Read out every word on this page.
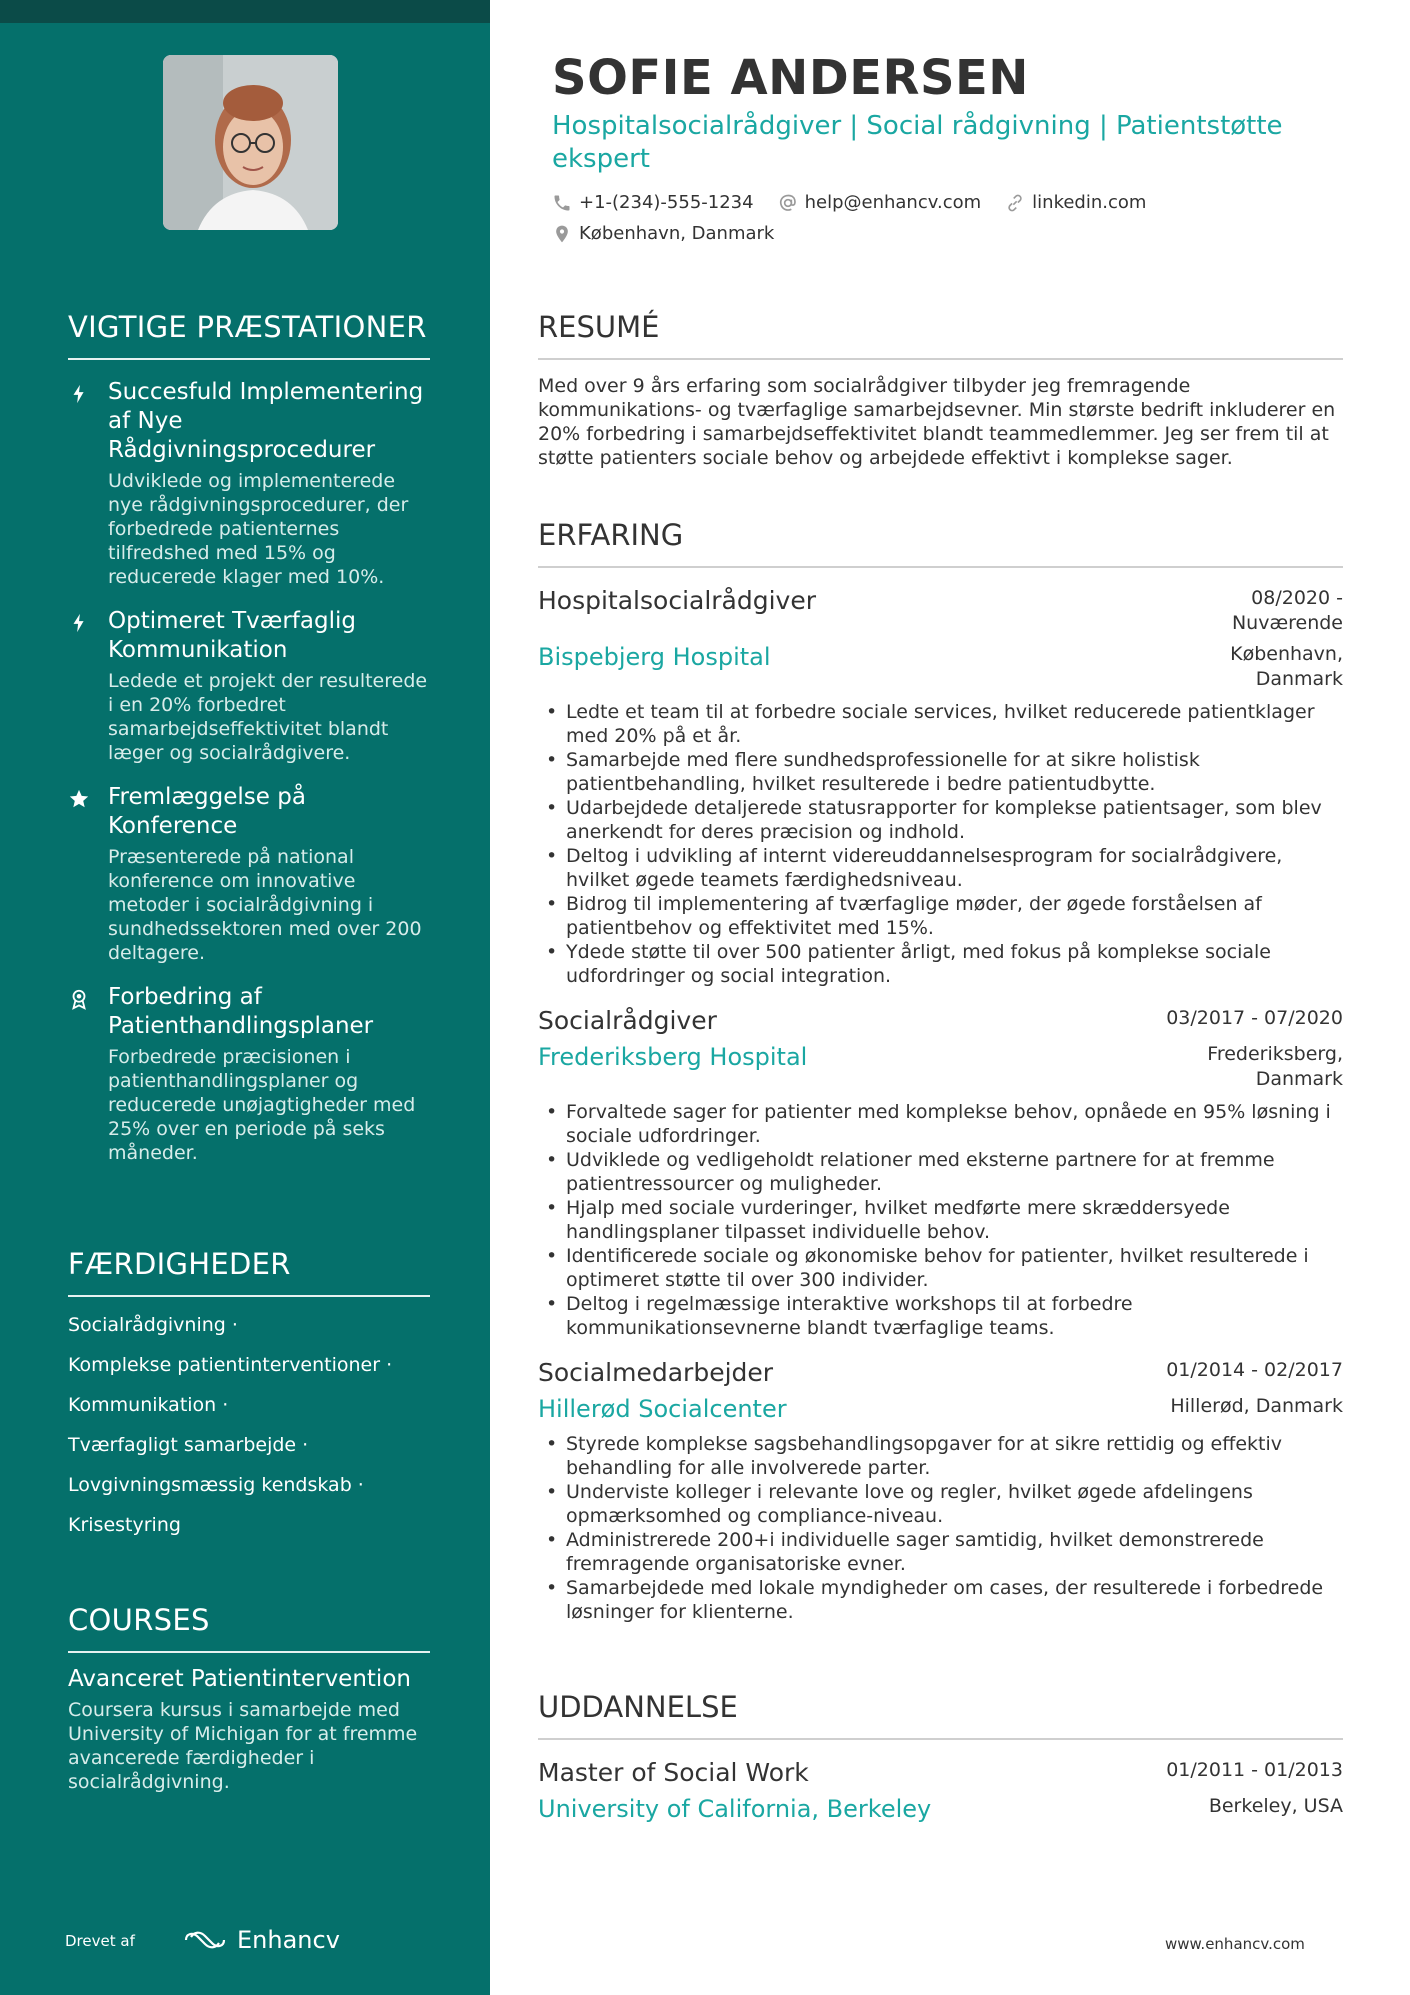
VIGTIGE PRÆSTATIONER
Succesfuld Implementering af Nye Rådgivningsprocedurer
Udviklede og implementerede nye rådgivningsprocedurer, der forbedrede patienternes tilfredshed med 15% og reducerede klager med 10%.
Optimeret Tværfaglig Kommunikation
Ledede et projekt der resulterede i en 20% forbedret samarbejdseffektivitet blandt læger og socialrådgivere.
Fremlæggelse på Konference
Præsenterede på national konference om innovative metoder i socialrådgivning i sundhedssektoren med over 200 deltagere.
Forbedring af Patienthandlingsplaner
Forbedrede præcisionen i patienthandlingsplaner og reducerede unøjagtigheder med 25% over en periode på seks måneder.
FÆRDIGHEDER
Socialrådgivning ·
Komplekse patientinterventioner ·
Kommunikation ·
Tværfagligt samarbejde ·
Lovgivningsmæssig kendskab ·
Krisestyring
COURSES
Avanceret Patientintervention
Coursera kursus i samarbejde med University of Michigan for at fremme avancerede færdigheder i socialrådgivning.
Drevet af	Enhancv
SOFIE ANDERSEN
Hospitalsocialrådgiver | Social rådgivning | Patientstøtte ekspert
+1-(234)-555-1234	help@enhancv.com	linkedin.com
København, Danmark
RESUMÉ
Med over 9 års erfaring som socialrådgiver tilbyder jeg fremragende kommunikations- og tværfaglige samarbejdsevner. Min største bedrift inkluderer en 20% forbedring i samarbejdseffektivitet blandt teammedlemmer. Jeg ser frem til at støtte patienters sociale behov og arbejdede effektivt i komplekse sager.
ERFARING
Hospitalsocialrådgiver	08/2020 - Nuværende
Bispebjerg Hospital	København, Danmark
• Ledte et team til at forbedre sociale services, hvilket reducerede patientklager med 20% på et år.
• Samarbejde med flere sundhedsprofessionelle for at sikre holistisk patientbehandling, hvilket resulterede i bedre patientudbytte.
• Udarbejdede detaljerede statusrapporter for komplekse patientsager, som blev anerkendt for deres præcision og indhold.
• Deltog i udvikling af internt videreuddannelsesprogram for socialrådgivere, hvilket øgede teamets færdighedsniveau.
• Bidrog til implementering af tværfaglige møder, der øgede forståelsen af patientbehov og effektivitet med 15%.
• Ydede støtte til over 500 patienter årligt, med fokus på komplekse sociale udfordringer og social integration.
Socialrådgiver	03/2017 - 07/2020
Frederiksberg Hospital	Frederiksberg, Danmark
• Forvaltede sager for patienter med komplekse behov, opnåede en 95% løsning i sociale udfordringer.
• Udviklede og vedligeholdt relationer med eksterne partnere for at fremme patientressourcer og muligheder.
• Hjalp med sociale vurderinger, hvilket medførte mere skræddersyede handlingsplaner tilpasset individuelle behov.
• Identificerede sociale og økonomiske behov for patienter, hvilket resulterede i optimeret støtte til over 300 individer.
• Deltog i regelmæssige interaktive workshops til at forbedre kommunikationsevnerne blandt tværfaglige teams.
Socialmedarbejder	01/2014 - 02/2017
Hillerød Socialcenter	Hillerød, Danmark
• Styrede komplekse sagsbehandlingsopgaver for at sikre rettidig og effektiv behandling for alle involverede parter.
• Underviste kolleger i relevante love og regler, hvilket øgede afdelingens opmærksomhed og compliance-niveau.
• Administrerede 200+i individuelle sager samtidig, hvilket demonstrerede fremragende organisatoriske evner.
• Samarbejdede med lokale myndigheder om cases, der resulterede i forbedrede løsninger for klienterne.
UDDANNELSE
Master of Social Work	01/2011 - 01/2013
University of California, Berkeley	Berkeley, USA
www.enhancv.com
